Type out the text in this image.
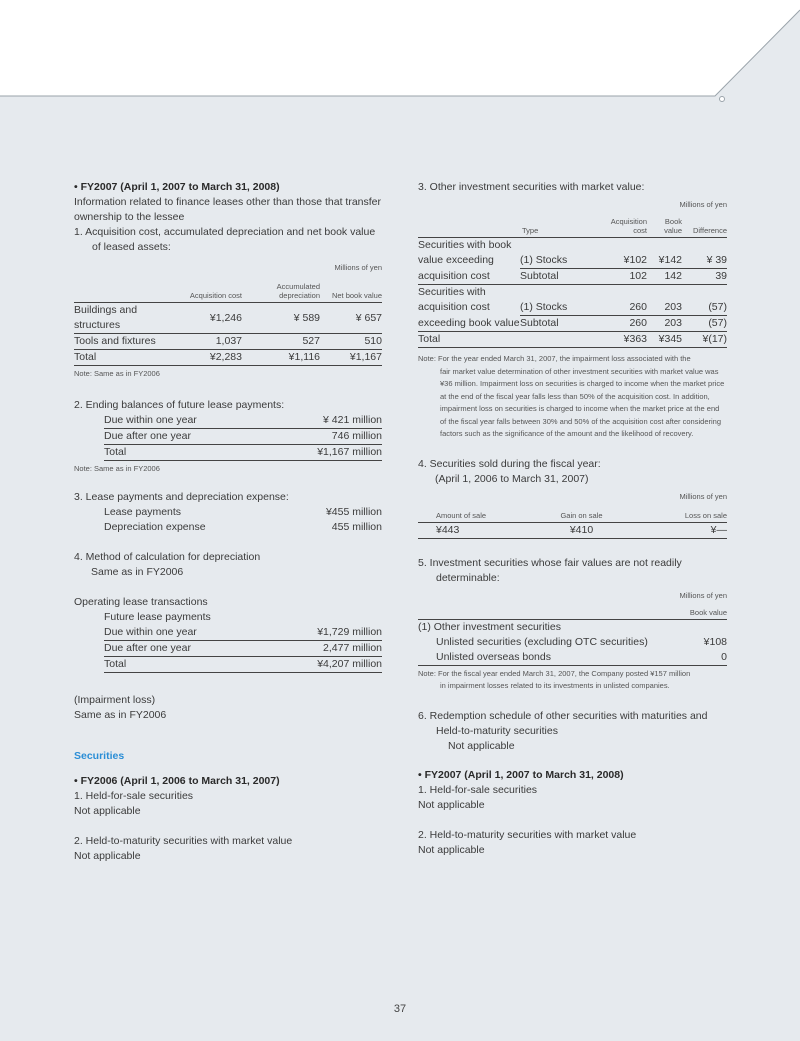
• FY2007 (April 1, 2007 to March 31, 2008)

Information related to finance leases other than those that transfer ownership to the lessee

1. Acquisition cost, accumulated depreciation and net book value of leased assets:

Millions of yen
	Acquisition cost	Accumulated depreciation	Net book value
Buildings and structures	¥1,246	¥ 589	¥ 657
Tools and fixtures	1,037	527	510
Total	¥2,283	¥1,116	¥1,167
Note: Same as in FY2006

2. Ending balances of future lease payments:

Due within one year	¥ 421 million
Due after one year	746 million
Total	¥1,167 million
Note: Same as in FY2006

3. Lease payments and depreciation expense:

Lease payments	¥455 million
Depreciation expense	455 million

4. Method of calculation for depreciation

Same as in FY2006

Operating lease transactions

Future lease payments

Due within one year	¥1,729 million
Due after one year	2,477 million
Total	¥4,207 million

(Impairment loss)

Same as in FY2006

Securities

• FY2006 (April 1, 2006 to March 31, 2007)

1. Held-for-sale securities

Not applicable

2. Held-to-maturity securities with market value

Not applicable

3. Other investment securities with market value:

Millions of yen
	Type	Acquisition cost	Book value	Difference
Securities with book				
value exceeding	(1) Stocks	¥102	¥142	¥ 39
acquisition cost	Subtotal	102	142	39
Securities with				
acquisition cost	(1) Stocks	260	203	(57)
exceeding book value	Subtotal	260	203	(57)
Total		¥363	¥345	¥(17)
Note: For the year ended March 31, 2007, the impairment loss associated with the
fair market value determination of other investment securities with market value was ¥36 million. Impairment loss on securities is charged to income when the market price at the end of the fiscal year falls less than 50% of the acquisition cost. In addition, impairment loss on securities is charged to income when the market price at the end of the fiscal year falls between 30% and 50% of the acquisition cost after considering factors such as the significance of the amount and the likelihood of recovery.

4. Securities sold during the fiscal year:

(April 1, 2006 to March 31, 2007)

Millions of yen
Amount of sale	Gain on sale	Loss on sale
¥443	¥410	¥—

5. Investment securities whose fair values are not readily determinable:

Millions of yen
	Book value
(1) Other investment securities	
Unlisted securities (excluding OTC securities)	¥108
Unlisted overseas bonds	0
Note: For the fiscal year ended March 31, 2007, the Company posted ¥157 million
in impairment losses related to its investments in unlisted companies.

6. Redemption schedule of other securities with maturities and Held-to-maturity securities

Not applicable

• FY2007 (April 1, 2007 to March 31, 2008)

1. Held-for-sale securities

Not applicable

2. Held-to-maturity securities with market value

Not applicable

37
